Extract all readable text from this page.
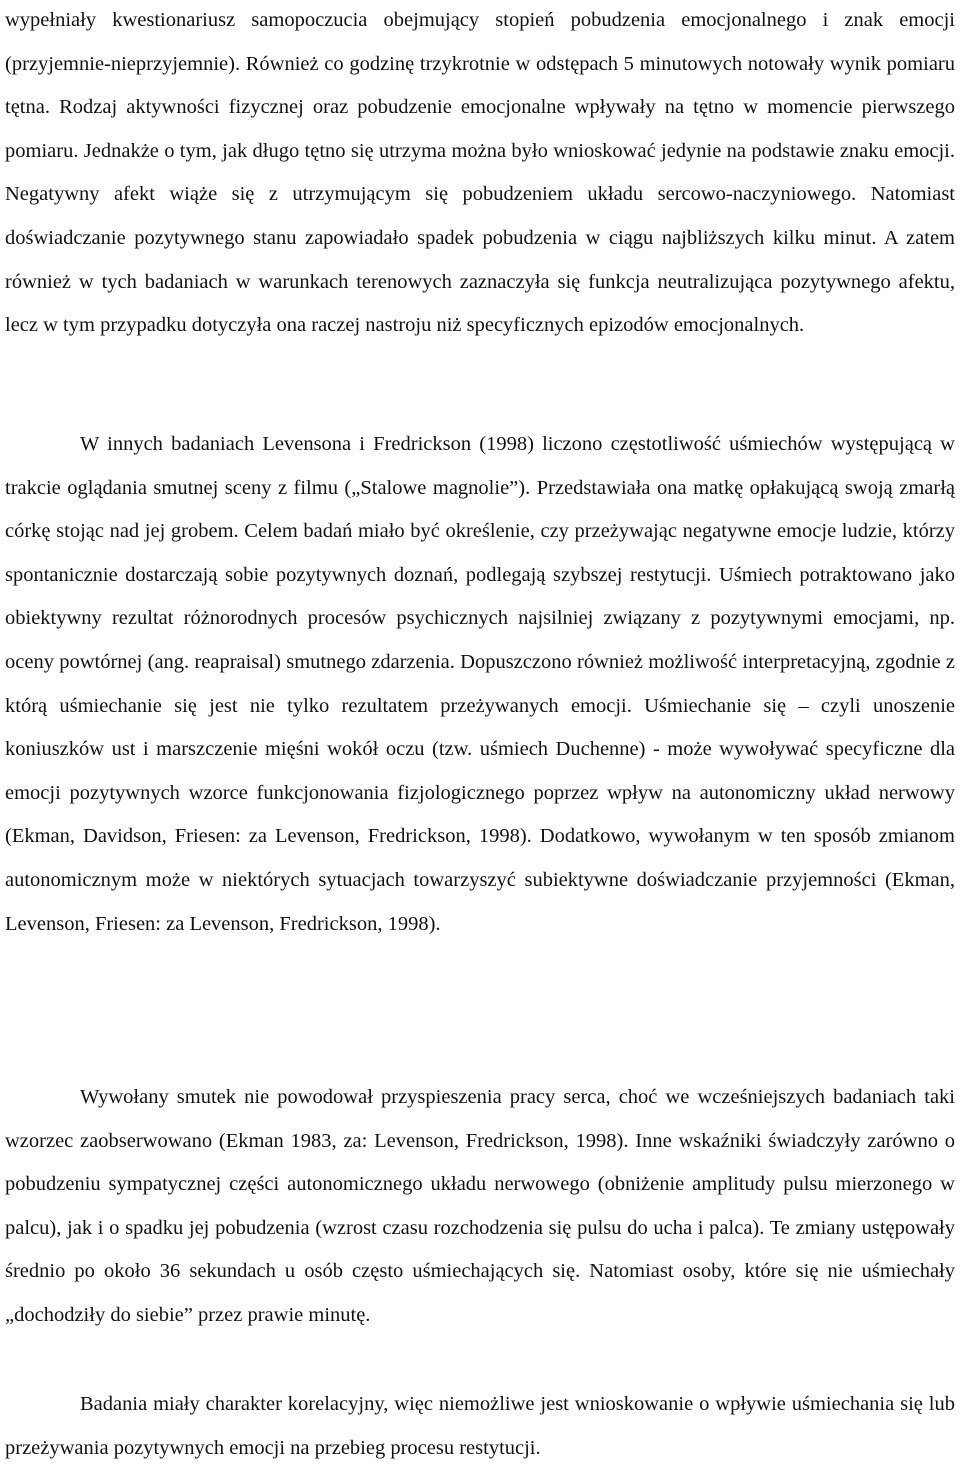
wypełniały kwestionariusz samopoczucia obejmujący stopień pobudzenia emocjonalnego i znak emocji (przyjemnie-nieprzyjemnie). Również co godzinę trzykrotnie w odstępach 5 minutowych notowały wynik pomiaru tętna. Rodzaj aktywności fizycznej oraz pobudzenie emocjonalne wpływały na tętno w momencie pierwszego pomiaru. Jednakże o tym, jak długo tętno się utrzyma można było wnioskować jedynie na podstawie znaku emocji. Negatywny afekt wiąże się z utrzymującym się pobudzeniem układu sercowo-naczyniowego. Natomiast doświadczanie pozytywnego stanu zapowiadało spadek pobudzenia w ciągu najbliższych kilku minut. A zatem również w tych badaniach w warunkach terenowych zaznaczyła się funkcja neutralizująca pozytywnego afektu, lecz w tym przypadku dotyczyła ona raczej nastroju niż specyficznych epizodów emocjonalnych.

W innych badaniach Levensona i Fredrickson (1998) liczono częstotliwość uśmiechów występującą w trakcie oglądania smutnej sceny z filmu („Stalowe magnolie”). Przedstawiała ona matkę opłakującą swoją zmarłą córkę stojąc nad jej grobem. Celem badań miało być określenie, czy przeżywając negatywne emocje ludzie, którzy spontanicznie dostarczają sobie pozytywnych doznań, podlegają szybszej restytucji. Uśmiech potraktowano jako obiektywny rezultat różnorodnych procesów psychicznych najsilniej związany z pozytywnymi emocjami, np. oceny powtórnej (ang. reapraisal) smutnego zdarzenia. Dopuszczono również możliwość interpretacyjną, zgodnie z którą uśmiechanie się jest nie tylko rezultatem przeżywanych emocji. Uśmiechanie się – czyli unoszenie koniuszków ust i marszczenie mięśni wokół oczu (tzw. uśmiech Duchenne) - może wywoływać specyficzne dla emocji pozytywnych wzorce funkcjonowania fizjologicznego poprzez wpływ na autonomiczny układ nerwowy (Ekman, Davidson, Friesen: za Levenson, Fredrickson, 1998). Dodatkowo, wywołanym w ten sposób zmianom autonomicznym może w niektórych sytuacjach towarzyszyć subiektywne doświadczanie przyjemności (Ekman, Levenson, Friesen: za Levenson, Fredrickson, 1998).

Wywołany smutek nie powodował przyspieszenia pracy serca, choć we wcześniejszych badaniach taki wzorzec zaobserwowano (Ekman 1983, za: Levenson, Fredrickson, 1998). Inne wskaźniki świadczyły zarówno o pobudzeniu sympatycznej części autonomicznego układu nerwowego (obniżenie amplitudy pulsu mierzonego w palcu), jak i o spadku jej pobudzenia (wzrost czasu rozchodzenia się pulsu do ucha i palca). Te zmiany ustępowały średnio po około 36 sekundach u osób często uśmiechających się. Natomiast osoby, które się nie uśmiechały „dochodziły do siebie” przez prawie minutę.

Badania miały charakter korelacyjny, więc niemożliwe jest wnioskowanie o wpływie uśmiechania się lub przeżywania pozytywnych emocji na przebieg procesu restytucji.
